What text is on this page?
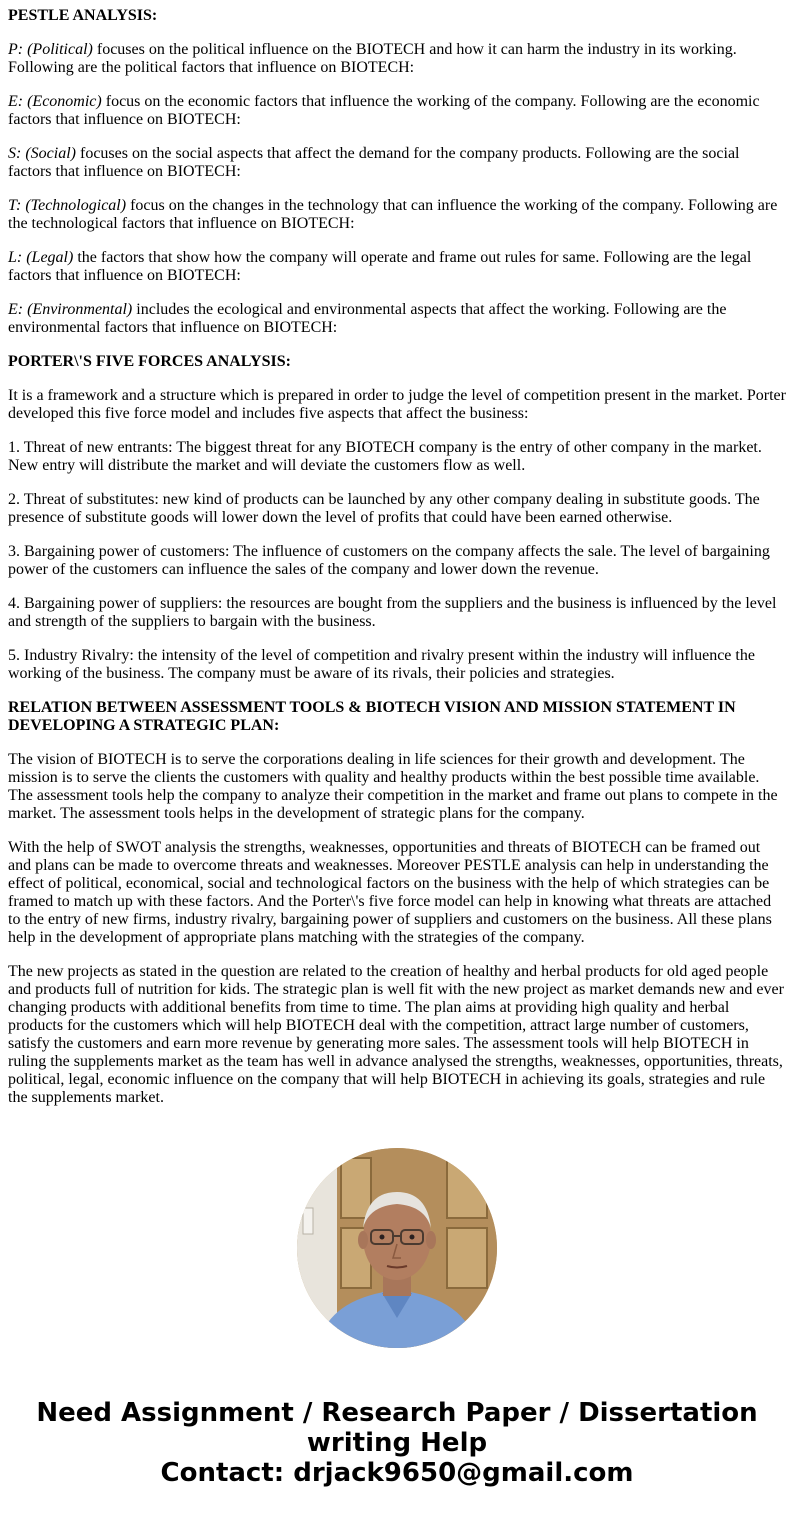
PESTLE ANALYSIS:

P: (Political) focuses on the political influence on the BIOTECH and how it can harm the industry in its working. Following are the political factors that influence on BIOTECH:

E: (Economic) focus on the economic factors that influence the working of the company. Following are the economic factors that influence on BIOTECH:

S: (Social) focuses on the social aspects that affect the demand for the company products. Following are the social factors that influence on BIOTECH:

T: (Technological) focus on the changes in the technology that can influence the working of the company. Following are the technological factors that influence on BIOTECH:

L: (Legal) the factors that show how the company will operate and frame out rules for same. Following are the legal factors that influence on BIOTECH:

E: (Environmental) includes the ecological and environmental aspects that affect the working. Following are the environmental factors that influence on BIOTECH:

PORTER\'S FIVE FORCES ANALYSIS:

It is a framework and a structure which is prepared in order to judge the level of competition present in the market. Porter developed this five force model and includes five aspects that affect the business:

1. Threat of new entrants: The biggest threat for any BIOTECH company is the entry of other company in the market. New entry will distribute the market and will deviate the customers flow as well.

2. Threat of substitutes: new kind of products can be launched by any other company dealing in substitute goods. The presence of substitute goods will lower down the level of profits that could have been earned otherwise.

3. Bargaining power of customers: The influence of customers on the company affects the sale. The level of bargaining power of the customers can influence the sales of the company and lower down the revenue.

4. Bargaining power of suppliers: the resources are bought from the suppliers and the business is influenced by the level and strength of the suppliers to bargain with the business.

5. Industry Rivalry: the intensity of the level of competition and rivalry present within the industry will influence the working of the business. The company must be aware of its rivals, their policies and strategies.

RELATION BETWEEN ASSESSMENT TOOLS & BIOTECH VISION AND MISSION STATEMENT IN DEVELOPING A STRATEGIC PLAN:

The vision of BIOTECH is to serve the corporations dealing in life sciences for their growth and development. The mission is to serve the clients the customers with quality and healthy products within the best possible time available. The assessment tools help the company to analyze their competition in the market and frame out plans to compete in the market. The assessment tools helps in the development of strategic plans for the company.

With the help of SWOT analysis the strengths, weaknesses, opportunities and threats of BIOTECH can be framed out and plans can be made to overcome threats and weaknesses. Moreover PESTLE analysis can help in understanding the effect of political, economical, social and technological factors on the business with the help of which strategies can be framed to match up with these factors. And the Porter\'s five force model can help in knowing what threats are attached to the entry of new firms, industry rivalry, bargaining power of suppliers and customers on the business. All these plans help in the development of appropriate plans matching with the strategies of the company.

The new projects as stated in the question are related to the creation of healthy and herbal products for old aged people and products full of nutrition for kids. The strategic plan is well fit with the new project as market demands new and ever changing products with additional benefits from time to time. The plan aims at providing high quality and herbal products for the customers which will help BIOTECH deal with the competition, attract large number of customers, satisfy the customers and earn more revenue by generating more sales. The assessment tools will help BIOTECH in ruling the supplements market as the team has well in advance analysed the strengths, weaknesses, opportunities, threats, political, legal, economic influence on the company that will help BIOTECH in achieving its goals, strategies and rule the supplements market.

Need Assignment / Research Paper / Dissertation
writing Help
Contact: drjack9650@gmail.com
